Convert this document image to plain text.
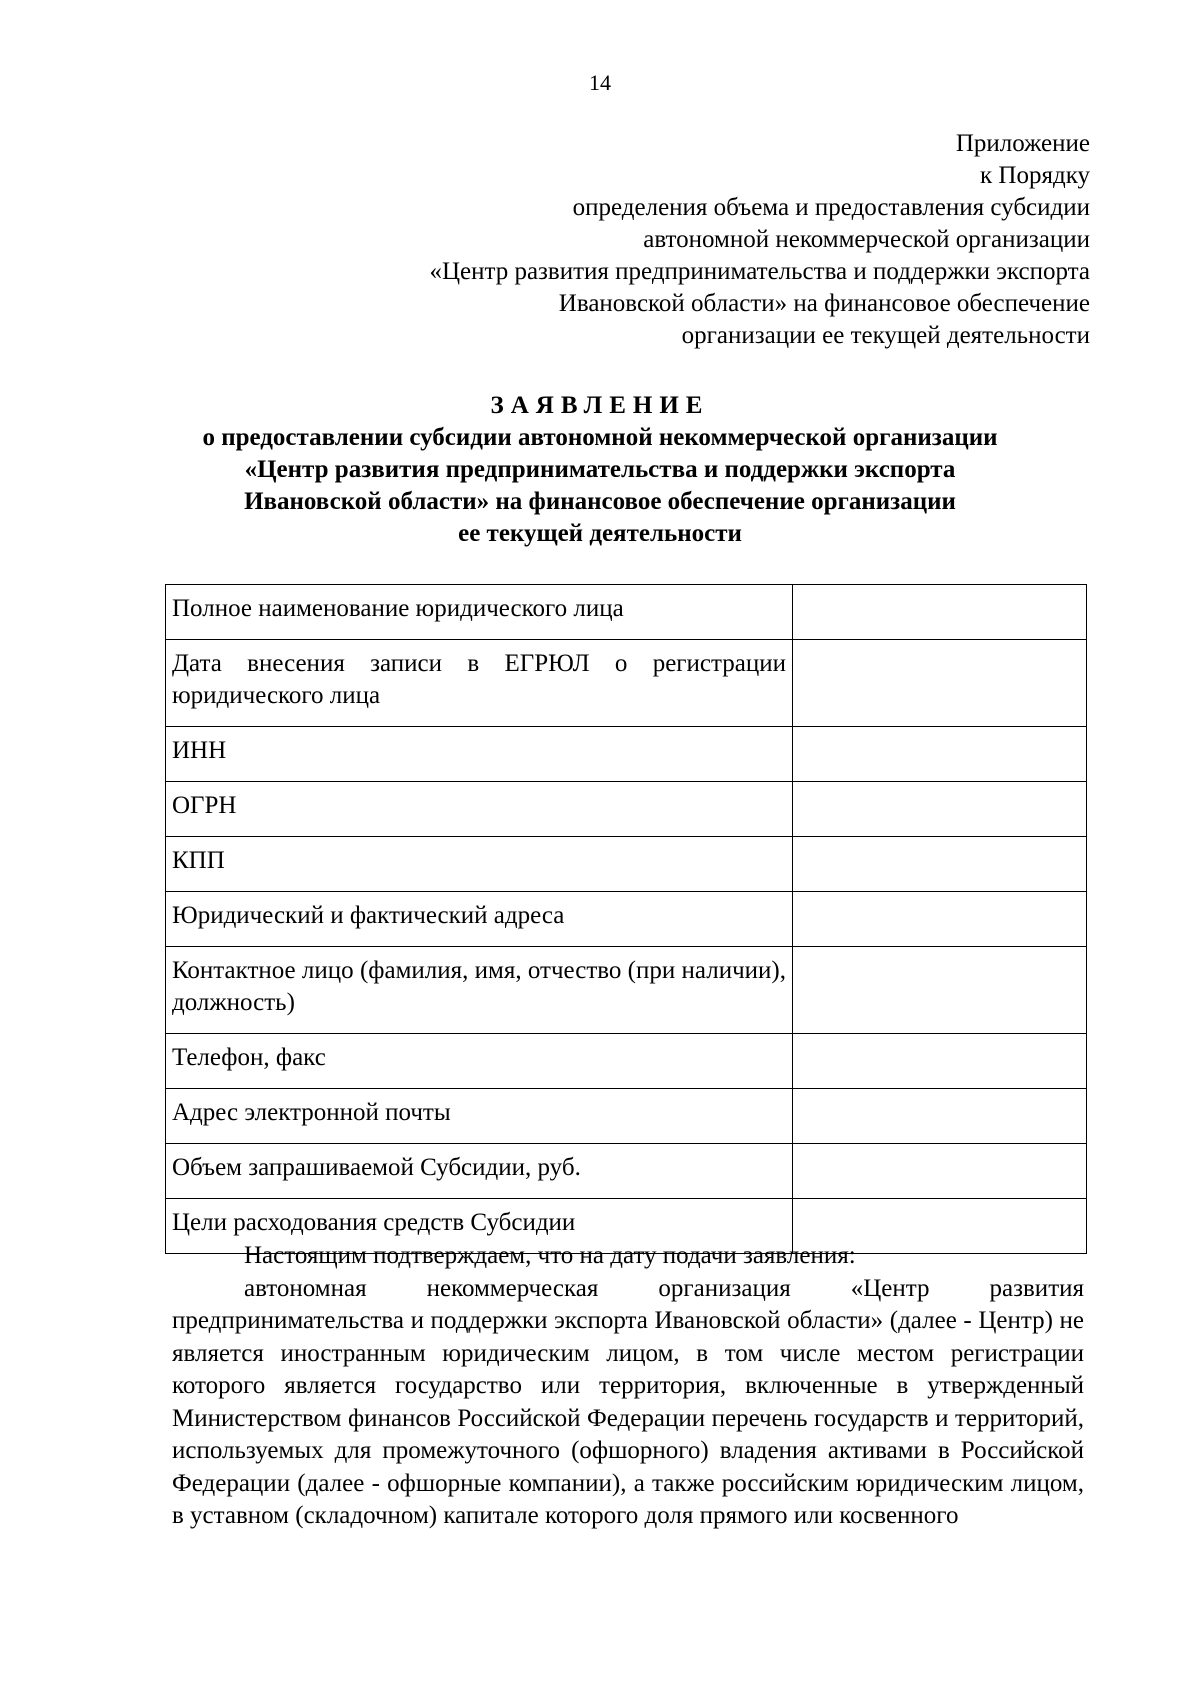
14
Приложение
к Порядку
определения объема и предоставления субсидии
автономной некоммерческой организации
«Центр развития предпринимательства и поддержки экспорта
Ивановской области» на финансовое обеспечение
организации ее текущей деятельности
ЗАЯВЛЕНИЕ
о предоставлении субсидии автономной некоммерческой организации
«Центр развития предпринимательства и поддержки экспорта
Ивановской области» на финансовое обеспечение организации
ее текущей деятельности
Полное наименование юридического лица	
Дата внесения записи в ЕГРЮЛ о регистрации юридического лица	
ИНН	
ОГРН	
КПП	
Юридический и фактический адреса	
Контактное лицо (фамилия, имя, отчество (при наличии), должность)	
Телефон, факс	
Адрес электронной почты	
Объем запрашиваемой Субсидии, руб.	
Цели расходования средств Субсидии	

Настоящим подтверждаем, что на дату подачи заявления:

автономная некоммерческая организация «Центр развития предпринимательства и поддержки экспорта Ивановской области» (далее - Центр) не является иностранным юридическим лицом, в том числе местом регистрации которого является государство или территория, включенные в утвержденный Министерством финансов Российской Федерации перечень государств и территорий, используемых для промежуточного (офшорного) владения активами в Российской Федерации (далее - офшорные компании), а также российским юридическим лицом, в уставном (складочном) капитале которого доля прямого или косвенного
